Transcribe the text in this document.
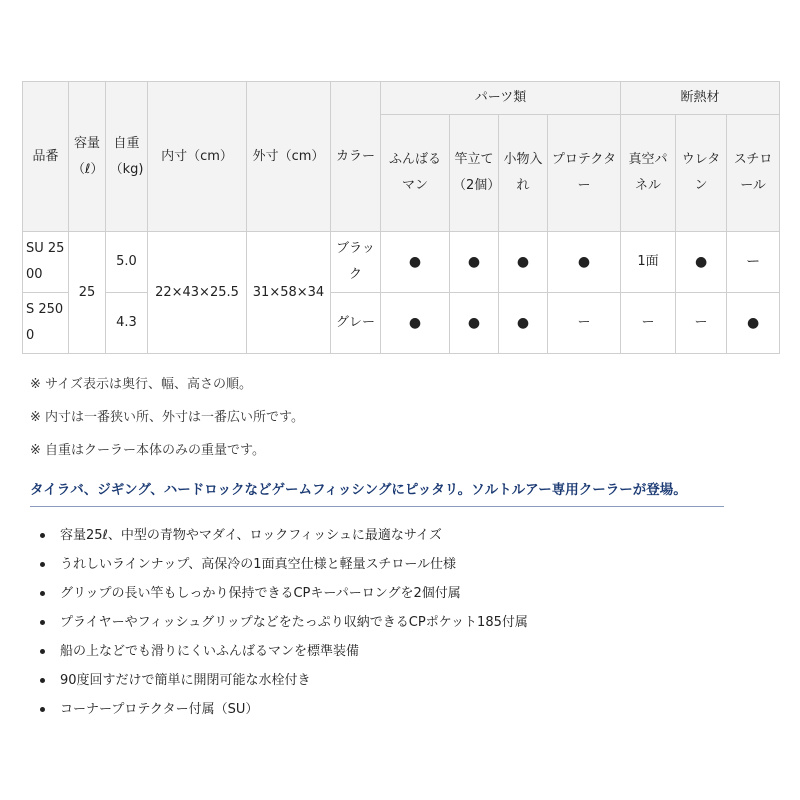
品番	容量（ℓ）	自重（kg)	内寸（cm）	外寸（cm）	カラー	パーツ類				断熱材		
						ふんばるマン	竿立て（2個）	小物入れ	プロテクター	真空パネル	ウレタン	スチロール
SU 2500	25	5.0	22×43×25.5	31×58×34	ブラック	●	●	●	●	1面	●	ー
S 2500		4.3			グレー	●	●	●	ー	ー	ー	●
※ サイズ表示は奥行、幅、高さの順。
※ 内寸は一番狭い所、外寸は一番広い所です。
※ 自重はクーラー本体のみの重量です。
タイラバ、ジギング、ハードロックなどゲームフィッシングにピッタリ。ソルトルアー専用クーラーが登場。
容量25ℓ、中型の青物やマダイ、ロックフィッシュに最適なサイズ
うれしいラインナップ、高保冷の1面真空仕様と軽量スチロール仕様
グリップの長い竿もしっかり保持できるCPキーパーロングを2個付属
プライヤーやフィッシュグリップなどをたっぷり収納できるCPポケット185付属
船の上などでも滑りにくいふんばるマンを標準装備
90度回すだけで簡単に開閉可能な水栓付き
コーナープロテクター付属（SU）
